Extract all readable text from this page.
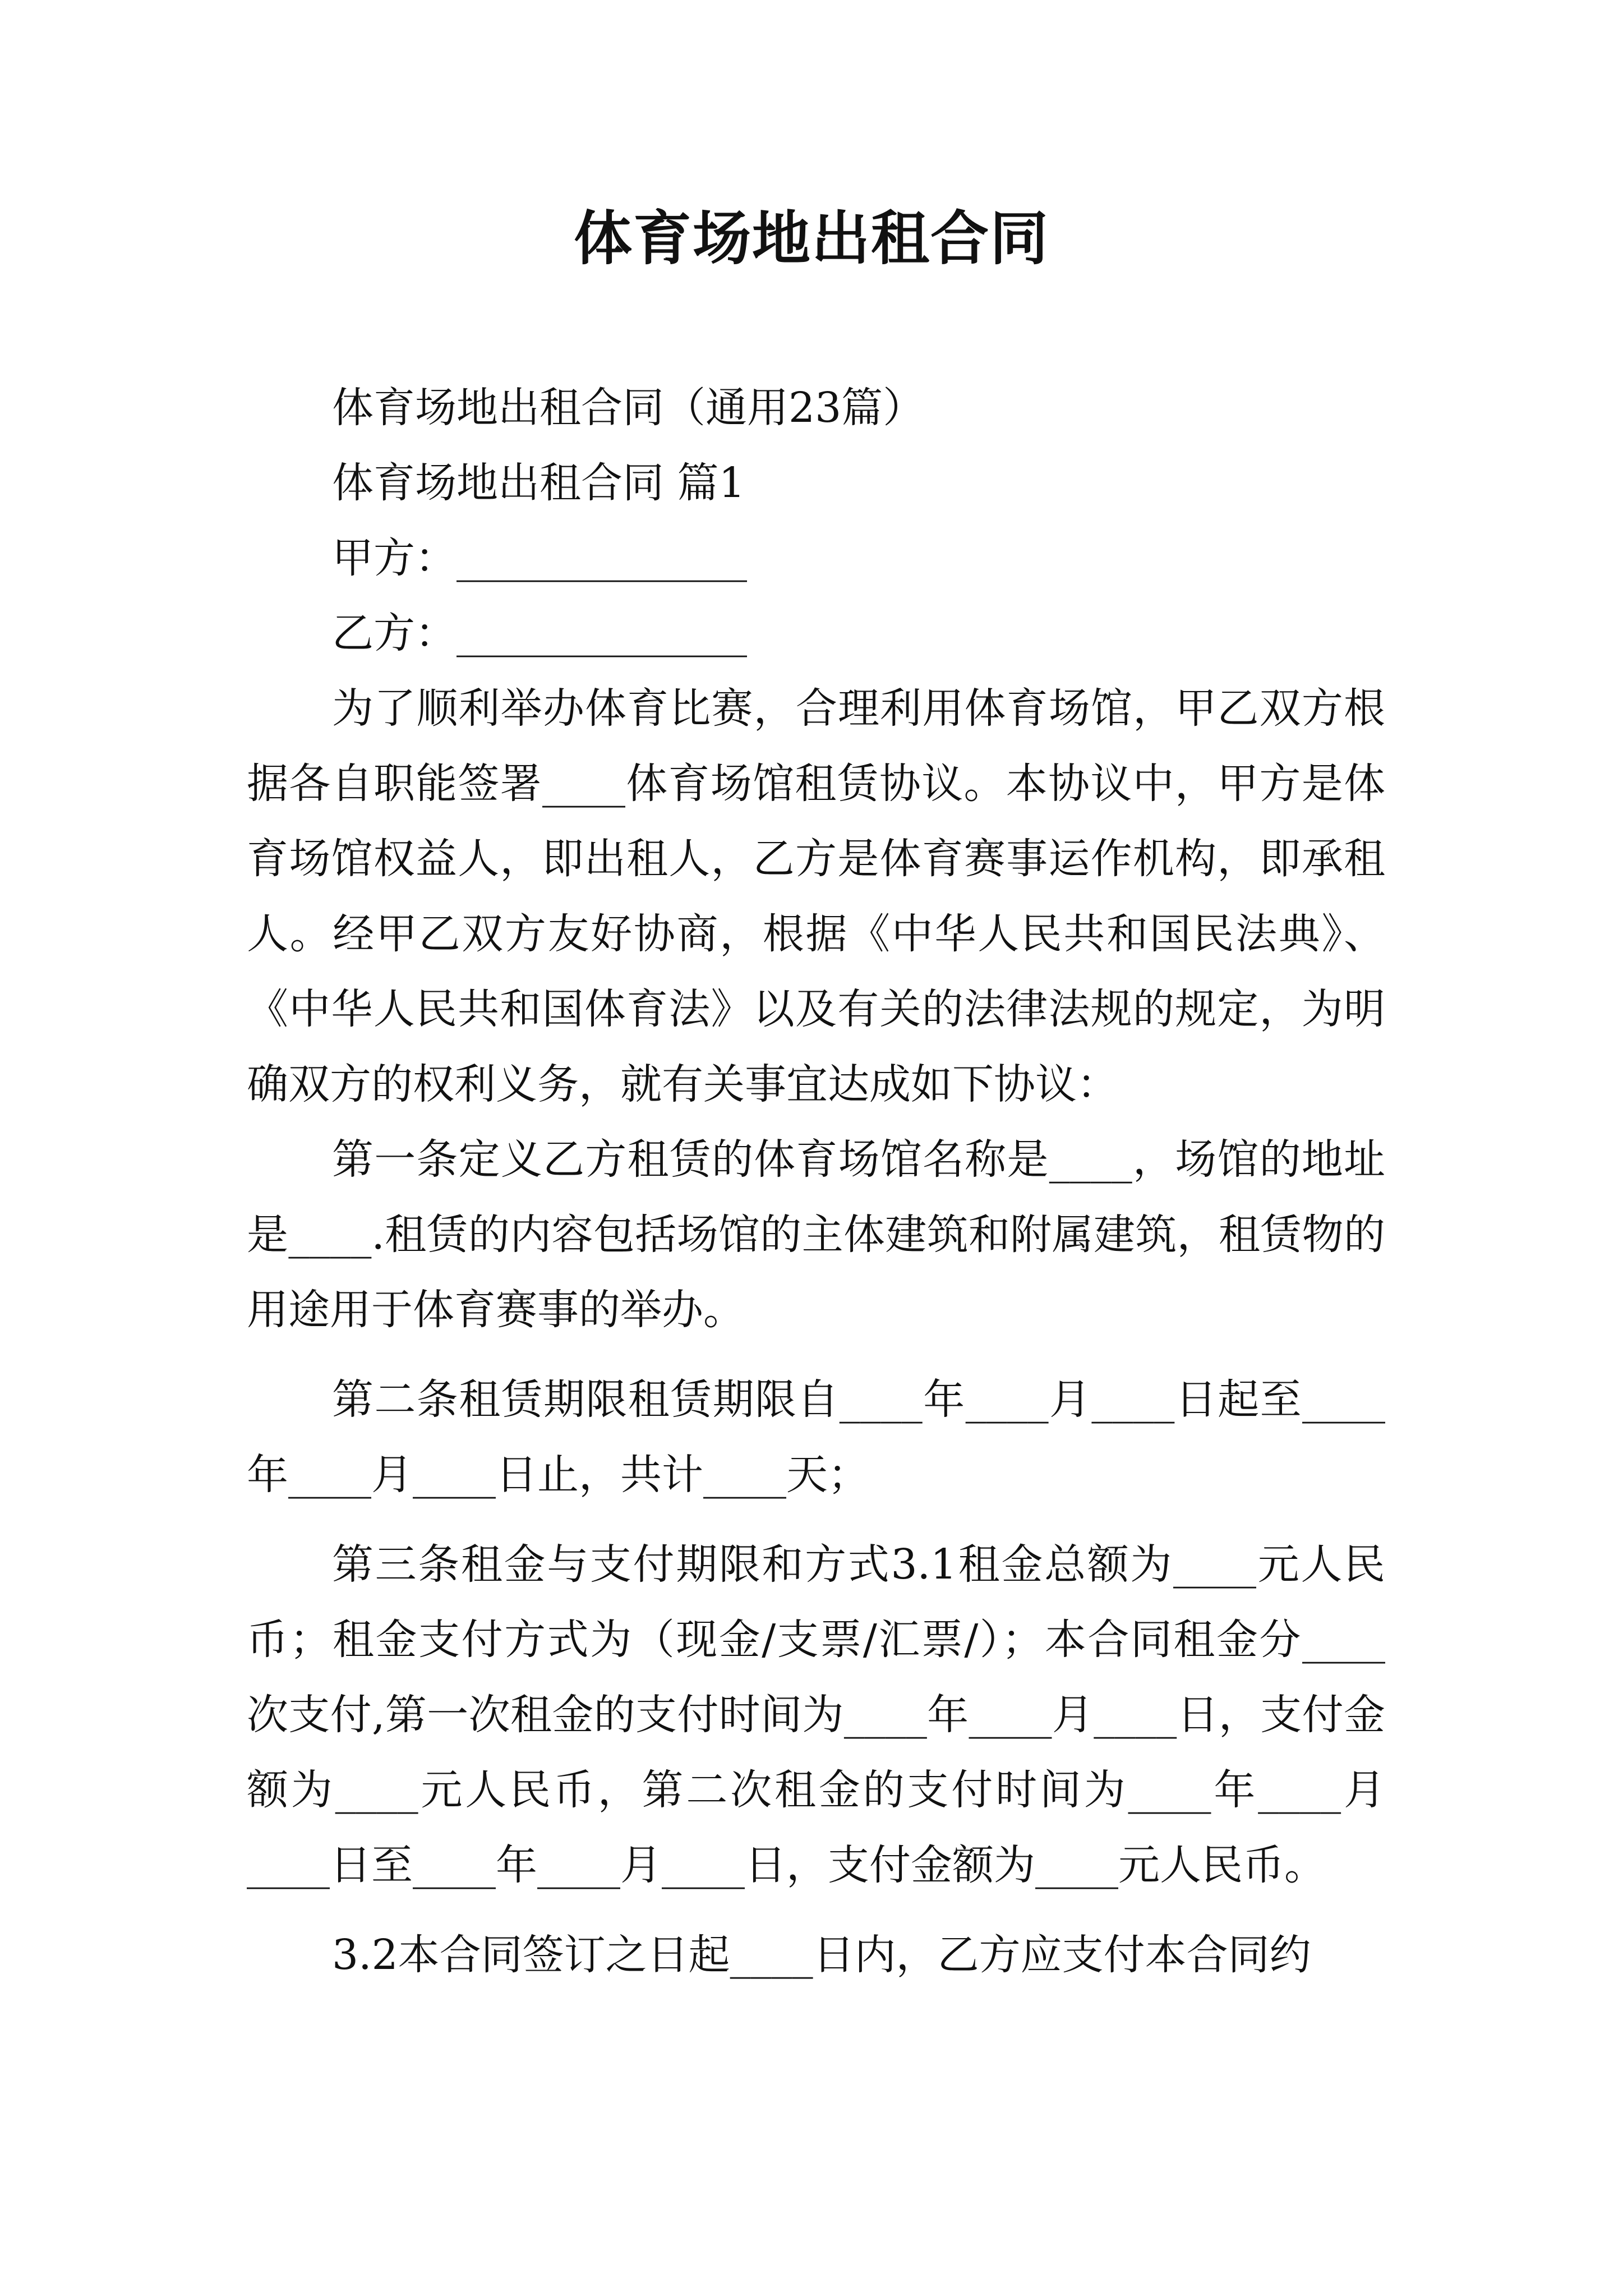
体育场地出租合同

体育场地出租合同（通用23篇）

体育场地出租合同 篇1

甲方：______________

乙方：______________

为了顺利举办体育比赛，合理利用体育场馆，甲乙双方根据各自职能签署____体育场馆租赁协议。本协议中，甲方是体育场馆权益人，即出租人，乙方是体育赛事运作机构，即承租人。经甲乙双方友好协商，根据《中华人民共和国民法典》、《中华人民共和国体育法》以及有关的法律法规的规定，为明确双方的权利义务，就有关事宜达成如下协议：

第一条定义乙方租赁的体育场馆名称是____，场馆的地址是____.租赁的内容包括场馆的主体建筑和附属建筑，租赁物的用途用于体育赛事的举办。

第二条租赁期限租赁期限自____年____月____日起至____年____月____日止，共计____天；

第三条租金与支付期限和方式3.1租金总额为____元人民币；租金支付方式为（现金/支票/汇票/）；本合同租金分____次支付,第一次租金的支付时间为____年____月____日，支付金额为____元人民币，第二次租金的支付时间为____年____月____日至____年____月____日，支付金额为____元人民币。

3.2本合同签订之日起____日内，乙方应支付本合同约
